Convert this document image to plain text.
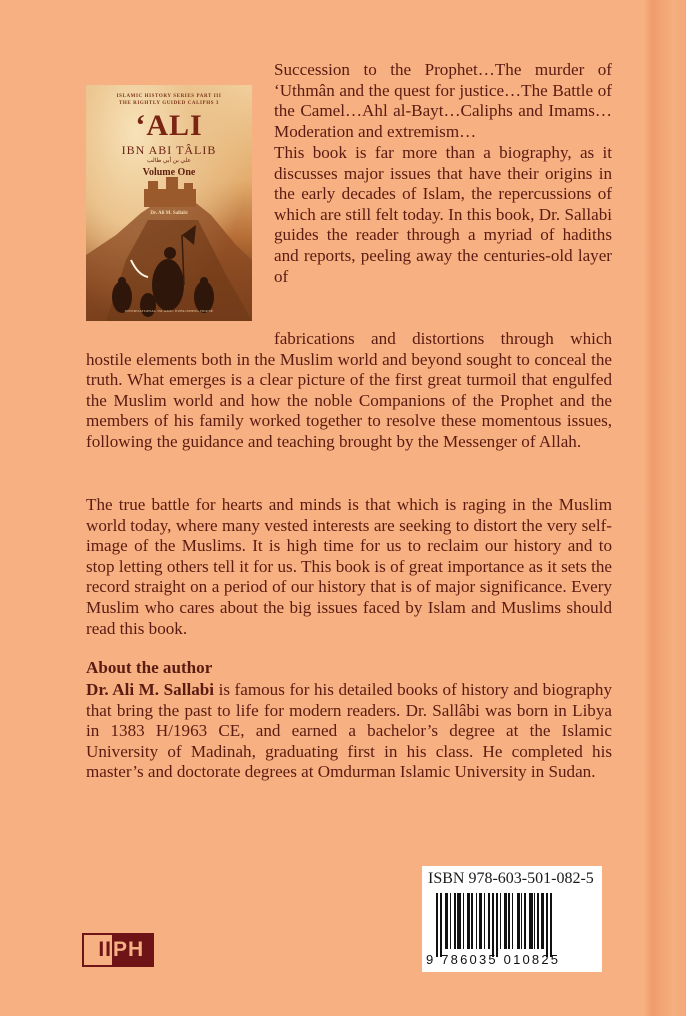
ISLAMIC HISTORY SERIES PART III
THE RIGHTLY GUIDED CALIPHS 3
‘ALI
IBN ABI TÂLIB
علي بن أبي طالب
Volume One
Dr. Ali M. Sallabi
INTERNATIONAL ISLAMIC PUBLISHING HOUSE

Succession to the Prophet…The murder of ‘Uthmân and the quest for justice…The Battle of the Camel…Ahl al-Bayt…Caliphs and Imams…Moderation and extremism…

This book is far more than a biography, as it discusses major issues that have their origins in the early decades of Islam, the repercussions of which are still felt today. In this book, Dr. Sallabi guides the reader through a myriad of hadiths and reports, peeling away the centuries-old layer of

fabrications and distortions through which hostile elements both in the Muslim world and beyond sought to conceal the truth. What emerges is a clear picture of the first great turmoil that engulfed the Muslim world and how the noble Companions of the Prophet and the members of his family worked together to resolve these momentous issues, following the guidance and teaching brought by the Messenger of Allah.

The true battle for hearts and minds is that which is raging in the Muslim world today, where many vested interests are seeking to distort the very self-image of the Muslims. It is high time for us to reclaim our history and to stop letting others tell it for us. This book is of great importance as it sets the record straight on a period of our history that is of major significance. Every Muslim who cares about the big issues faced by Islam and Muslims should read this book.

About the author

Dr. Ali M. Sallabi is famous for his detailed books of history and biography that bring the past to life for modern readers. Dr. Sallâbi was born in Libya in 1383 H/1963 CE, and earned a bachelor’s degree at the Islamic University of Madinah, graduating first in his class. He completed his master’s and doctorate degrees at Omdurman Islamic University in Sudan.

ISBN 978-603-501-082-5
9 786035 010825
II PH
